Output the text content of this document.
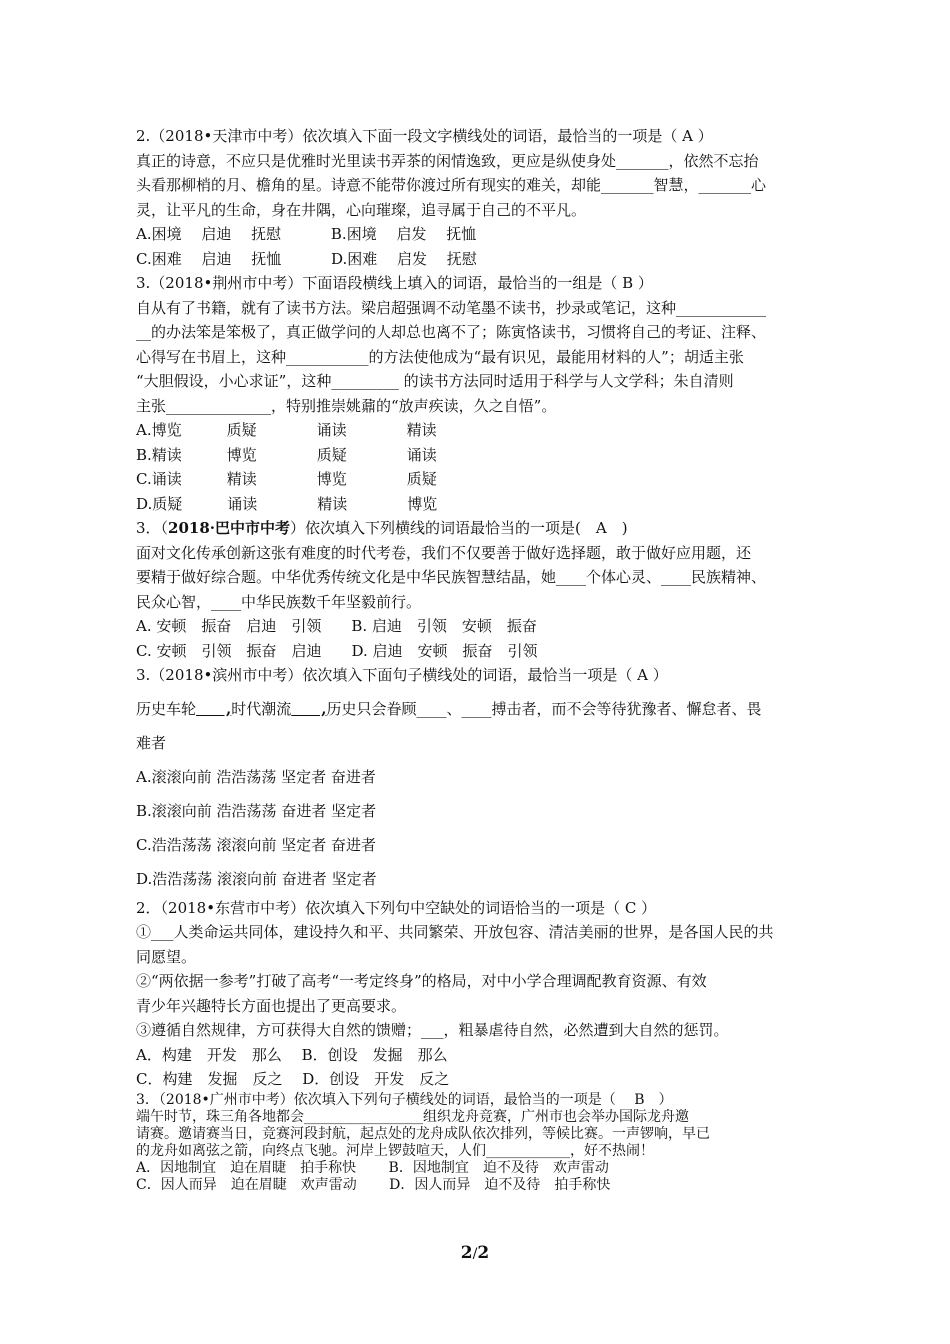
2.（2018•天津市中考）依次填入下面一段文字横线处的词语，最恰当的一项是（ A ）

真正的诗意，不应只是优雅时光里读书弄茶的闲情逸致，更应是纵使身处_______，依然不忘抬

头看那柳梢的月、檐角的星。诗意不能带你渡过所有现实的难关，却能_______智慧，_______心

灵，让平凡的生命，身在井隅，心向璀璨，追寻属于自己的不平凡。

A.困境　 启迪　 抚慰　　　 B.困境　 启发　 抚恤

C.困难　 启迪　 抚恤　　　 D.困难　 启发　 抚慰

3.（2018•荆州市中考）下面语段横线上填入的词语，最恰当的一组是（ B ）

自从有了书籍，就有了读书方法。梁启超强调不动笔墨不读书，抄录或笔记，这种____________

__的办法笨是笨极了，真正做学问的人却总也离不了；陈寅恪读书，习惯将自己的考证、注释、

心得写在书眉上，这种___________的方法使他成为“最有识见，最能用材料的人”；胡适主张

“大胆假设，小心求证”，这种_________ 的读书方法同时适用于科学与人文学科；朱自清则

主张______________，特别推崇姚鼐的“放声疾读，久之自悟”。

A.博览　　　质疑　　　　诵读　　　　精读

B.精读　　　博览　　　　质疑　　　　诵读

C.诵读　　　精读　　　　博览　　　　质疑

D.质疑　　　诵读　　　　精读　　　　博览

3．（2018·巴中市中考）依次填入下列横线的词语最恰当的一项是(　A　)

面对文化传承创新这张有难度的时代考卷，我们不仅要善于做好选择题，敢于做好应用题，还

要精于做好综合题。中华优秀传统文化是中华民族智慧结晶，她____个体心灵、____民族精神、

民众心智，____中华民族数千年坚毅前行。

A. 安顿　振奋　启迪　引领　　B. 启迪　引领　安顿　振奋

C. 安顿　引领　振奋　启迪　　D. 启迪　安顿　振奋　引领

3.（2018•滨州市中考）依次填入下面句子横线处的词语，最恰当一项是（ A ）

历史车轮　　,时代潮流　　,历史只会眷顾____、____搏击者，而不会等待犹豫者、懈怠者、畏

难者

A.滚滚向前 浩浩荡荡 坚定者 奋进者

B.滚滚向前 浩浩荡荡 奋进者 坚定者

C.浩浩荡荡 滚滚向前 坚定者 奋进者

D.浩浩荡荡 滚滚向前 奋进者 坚定者

2．（2018•东营市中考）依次填入下列句中空缺处的词语恰当的一项是（ C ）

①___人类命运共同体，建设持久和平、共同繁荣、开放包容、清洁美丽的世界，是各国人民的共

同愿望。

②“两依据一参考”打破了高考“一考定终身”的格局，对中小学合理调配教育资源、有效

青少年兴趣特长方面也提出了更高要求。

③遵循自然规律，方可获得大自然的馈赠；___，粗暴虐待自然，必然遭到大自然的惩罚。

A．构建　开发　那么　 B．创设　发掘　那么

C．构建　发掘　反之　 D．创设　开发　反之

3．（2018•广州市中考）依次填入下列句子横线处的词语，最恰当的一项是（　 B　）

端午时节，珠三角各地都会_________________组织龙舟竞赛，广州市也会举办国际龙舟邀

请赛。邀请赛当日，竞赛河段封航，起点处的龙舟成队依次排列，等候比赛。一声锣响，早已

的龙舟如离弦之箭，向终点飞驰。河岸上锣鼓喧天，人们____________，好不热闹！

A．因地制宜　迫在眉睫　拍手称快　　 B．因地制宜　迫不及待　欢声雷动

C．因人而异　迫在眉睫　欢声雷动　　 D．因人而异　迫不及待　拍手称快

2/2
